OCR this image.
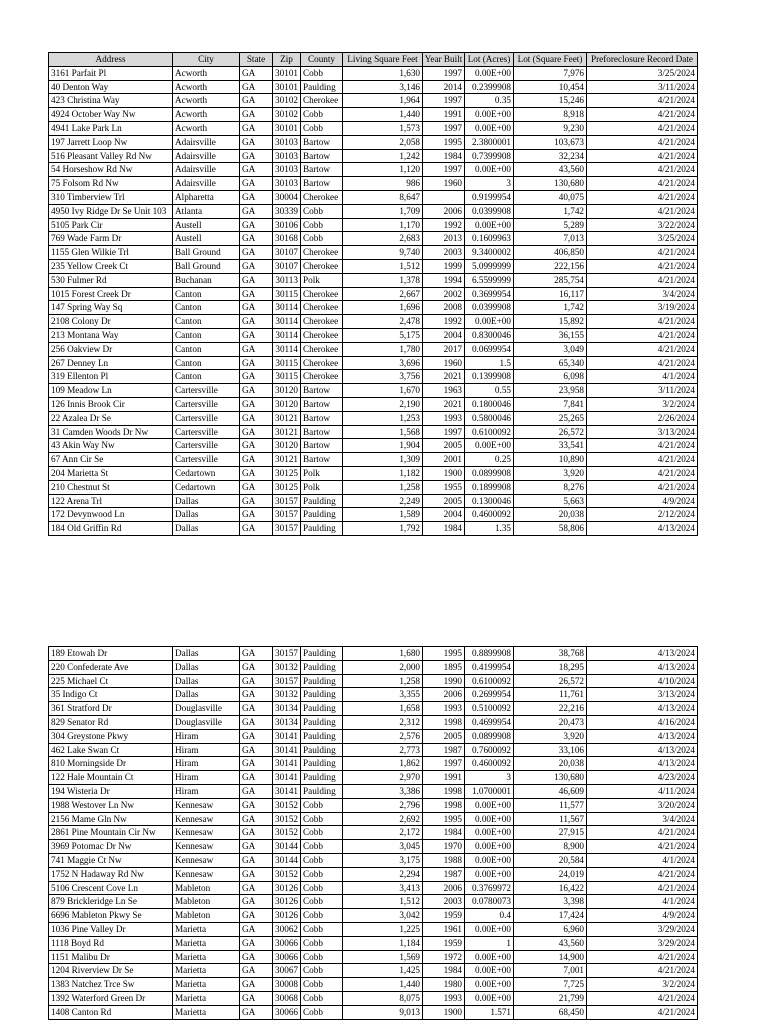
Address	City	State	Zip	County	Living Square Feet	Year Built	Lot (Acres)	Lot (Square Feet)	Preforeclosure Record Date
3161 Parfait Pl	Acworth	GA	30101	Cobb	1,630	1997	0.00E+00	7,976	3/25/2024
40 Denton Way	Acworth	GA	30101	Paulding	3,146	2014	0.2399908	10,454	3/11/2024
423 Christina Way	Acworth	GA	30102	Cherokee	1,964	1997	0.35	15,246	4/21/2024
4924 October Way Nw	Acworth	GA	30102	Cobb	1,440	1991	0.00E+00	8,918	4/21/2024
4941 Lake Park Ln	Acworth	GA	30101	Cobb	1,573	1997	0.00E+00	9,230	4/21/2024
197 Jarrett Loop Nw	Adairsville	GA	30103	Bartow	2,058	1995	2.3800001	103,673	4/21/2024
516 Pleasant Valley Rd Nw	Adairsville	GA	30103	Bartow	1,242	1984	0.7399908	32,234	4/21/2024
54 Horseshow Rd Nw	Adairsville	GA	30103	Bartow	1,120	1997	0.00E+00	43,560	4/21/2024
75 Folsom Rd Nw	Adairsville	GA	30103	Bartow	986	1960	3	130,680	4/21/2024
310 Timberview Trl	Alpharetta	GA	30004	Cherokee	8,647		0.9199954	40,075	4/21/2024
4950 Ivy Ridge Dr Se Unit 103	Atlanta	GA	30339	Cobb	1,709	2006	0.0399908	1,742	4/21/2024
5105 Park Cir	Austell	GA	30106	Cobb	1,170	1992	0.00E+00	5,289	3/22/2024
769 Wade Farm Dr	Austell	GA	30168	Cobb	2,683	2013	0.1609963	7,013	3/25/2024
1155 Glen Wilkie Trl	Ball Ground	GA	30107	Cherokee	9,740	2003	9.3400002	406,850	4/21/2024
235 Yellow Creek Ct	Ball Ground	GA	30107	Cherokee	1,512	1999	5.0999999	222,156	4/21/2024
530 Fulmer Rd	Buchanan	GA	30113	Polk	1,378	1994	6.5599999	285,754	4/21/2024
1015 Forest Creek Dr	Canton	GA	30115	Cherokee	2,667	2002	0.3699954	16,117	3/4/2024
147 Spring Way Sq	Canton	GA	30114	Cherokee	1,696	2008	0.0399908	1,742	3/19/2024
2108 Colony Dr	Canton	GA	30114	Cherokee	2,478	1992	0.00E+00	15,892	4/21/2024
213 Montana Way	Canton	GA	30114	Cherokee	5,175	2004	0.8300046	36,155	4/21/2024
256 Oakview Dr	Canton	GA	30114	Cherokee	1,780	2017	0.0699954	3,049	4/21/2024
267 Denney Ln	Canton	GA	30115	Cherokee	3,696	1960	1.5	65,340	4/21/2024
319 Ellenton Pl	Canton	GA	30115	Cherokee	3,756	2021	0.1399908	6,098	4/1/2024
109 Meadow Ln	Cartersville	GA	30120	Bartow	1,670	1963	0.55	23,958	3/11/2024
126 Innis Brook Cir	Cartersville	GA	30120	Bartow	2,190	2021	0.1800046	7,841	3/2/2024
22 Azalea Dr Se	Cartersville	GA	30121	Bartow	1,253	1993	0.5800046	25,265	2/26/2024
31 Camden Woods Dr Nw	Cartersville	GA	30121	Bartow	1,568	1997	0.6100092	26,572	3/13/2024
43 Akin Way Nw	Cartersville	GA	30120	Bartow	1,904	2005	0.00E+00	33,541	4/21/2024
67 Ann Cir Se	Cartersville	GA	30121	Bartow	1,309	2001	0.25	10,890	4/21/2024
204 Marietta St	Cedartown	GA	30125	Polk	1,182	1900	0.0899908	3,920	4/21/2024
210 Chestnut St	Cedartown	GA	30125	Polk	1,258	1955	0.1899908	8,276	4/21/2024
122 Arena Trl	Dallas	GA	30157	Paulding	2,249	2005	0.1300046	5,663	4/9/2024
172 Devynwood Ln	Dallas	GA	30157	Paulding	1,589	2004	0.4600092	20,038	2/12/2024
184 Old Griffin Rd	Dallas	GA	30157	Paulding	1,792	1984	1.35	58,806	4/13/2024
189 Etowah Dr	Dallas	GA	30157	Paulding	1,680	1995	0.8899908	38,768	4/13/2024
220 Confederate Ave	Dallas	GA	30132	Paulding	2,000	1895	0.4199954	18,295	4/13/2024
225 Michael Ct	Dallas	GA	30157	Paulding	1,258	1990	0.6100092	26,572	4/10/2024
35 Indigo Ct	Dallas	GA	30132	Paulding	3,355	2006	0.2699954	11,761	3/13/2024
361 Stratford Dr	Douglasville	GA	30134	Paulding	1,658	1993	0.5100092	22,216	4/13/2024
829 Senator Rd	Douglasville	GA	30134	Paulding	2,312	1998	0.4699954	20,473	4/16/2024
304 Greystone Pkwy	Hiram	GA	30141	Paulding	2,576	2005	0.0899908	3,920	4/13/2024
462 Lake Swan Ct	Hiram	GA	30141	Paulding	2,773	1987	0.7600092	33,106	4/13/2024
810 Morningside Dr	Hiram	GA	30141	Paulding	1,862	1997	0.4600092	20,038	4/13/2024
122 Hale Mountain Ct	Hiram	GA	30141	Paulding	2,970	1991	3	130,680	4/23/2024
194 Wisteria Dr	Hiram	GA	30141	Paulding	3,386	1998	1.0700001	46,609	4/11/2024
1988 Westover Ln Nw	Kennesaw	GA	30152	Cobb	2,796	1998	0.00E+00	11,577	3/20/2024
2156 Mame Gln Nw	Kennesaw	GA	30152	Cobb	2,692	1995	0.00E+00	11,567	3/4/2024
2861 Pine Mountain Cir Nw	Kennesaw	GA	30152	Cobb	2,172	1984	0.00E+00	27,915	4/21/2024
3969 Potomac Dr Nw	Kennesaw	GA	30144	Cobb	3,045	1970	0.00E+00	8,900	4/21/2024
741 Maggie Ct Nw	Kennesaw	GA	30144	Cobb	3,175	1988	0.00E+00	20,584	4/1/2024
1752 N Hadaway Rd Nw	Kennesaw	GA	30152	Cobb	2,294	1987	0.00E+00	24,019	4/21/2024
5106 Crescent Cove Ln	Mableton	GA	30126	Cobb	3,413	2006	0.3769972	16,422	4/21/2024
879 Brickleridge Ln Se	Mableton	GA	30126	Cobb	1,512	2003	0.0780073	3,398	4/1/2024
6696 Mableton Pkwy Se	Mableton	GA	30126	Cobb	3,042	1959	0.4	17,424	4/9/2024
1036 Pine Valley Dr	Marietta	GA	30062	Cobb	1,225	1961	0.00E+00	6,960	3/29/2024
1118 Boyd Rd	Marietta	GA	30066	Cobb	1,184	1959	1	43,560	3/29/2024
1151 Malibu Dr	Marietta	GA	30066	Cobb	1,569	1972	0.00E+00	14,900	4/21/2024
1204 Riverview Dr Se	Marietta	GA	30067	Cobb	1,425	1984	0.00E+00	7,001	4/21/2024
1383 Natchez Trce Sw	Marietta	GA	30008	Cobb	1,440	1980	0.00E+00	7,725	3/2/2024
1392 Waterford Green Dr	Marietta	GA	30068	Cobb	8,075	1993	0.00E+00	21,799	4/21/2024
1408 Canton Rd	Marietta	GA	30066	Cobb	9,013	1900	1.571	68,450	4/21/2024
